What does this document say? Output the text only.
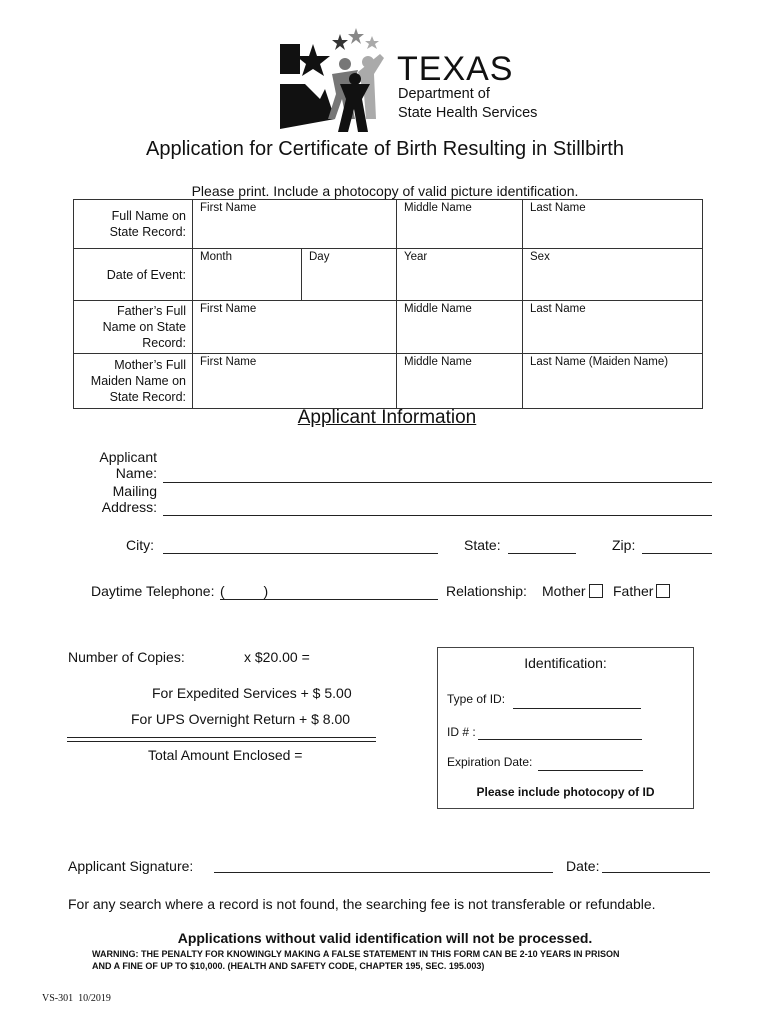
TEXAS
Department of
State Health Services
Application for Certificate of Birth Resulting in Stillbirth
Please print. Include a photocopy of valid picture identification.
Full Name on State Record:	First Name		Middle Name	Last Name
Date of Event:	Month	Day	Year	Sex
Father’s Full Name on State Record:	First Name		Middle Name	Last Name
Mother’s Full Maiden Name on State Record:	First Name		Middle Name	Last Name (Maiden Name)
Applicant Information
Applicant
Name:
Mailing
Address:
City:	State:	Zip:
Daytime Telephone: (          )	Relationship: Mother	Father
Number of Copies:	x $20.00 =
For Expedited Services + $ 5.00
For UPS Overnight Return + $ 8.00
Total Amount Enclosed =
Identification:
Type of ID:
ID # :
Expiration Date:
Please include photocopy of ID
Applicant Signature:	Date:
For any search where a record is not found, the searching fee is not transferable or refundable.
Applications without valid identification will not be processed.
WARNING: THE PENALTY FOR KNOWINGLY MAKING A FALSE STATEMENT IN THIS FORM CAN BE 2-10 YEARS IN PRISON
AND A FINE OF UP TO $10,000. (HEALTH AND SAFETY CODE, CHAPTER 195, SEC. 195.003)
VS-301  10/2019
